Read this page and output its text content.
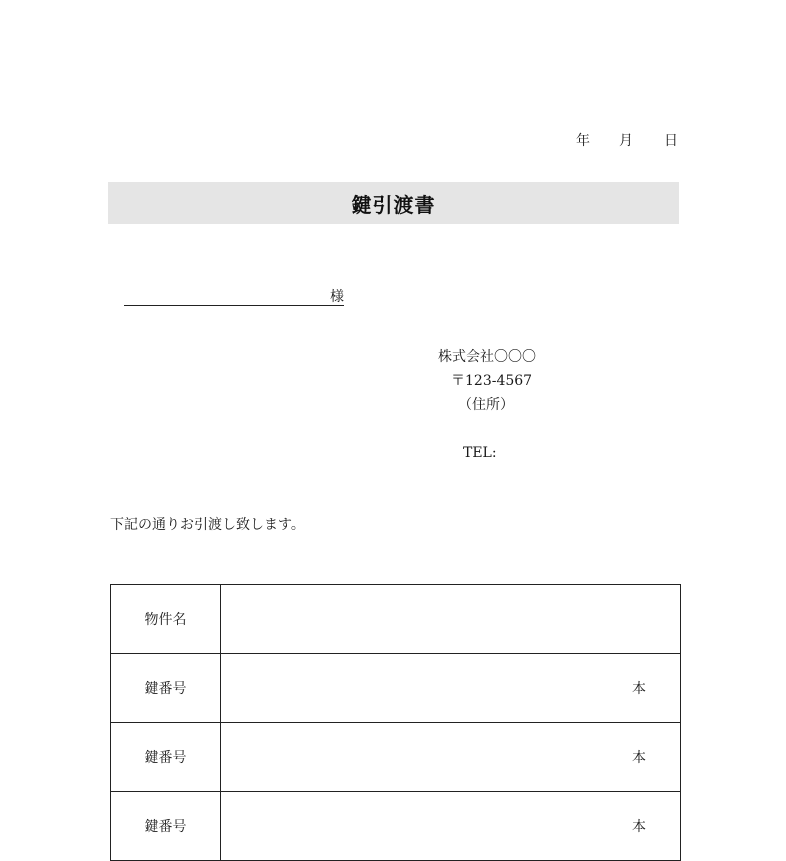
年	月	日
鍵引渡書
様
株式会社〇〇〇
〒123-4567
（住所）
TEL:
下記の通りお引渡し致します。
物件名	
鍵番号	本

鍵番号	本

鍵番号	本
